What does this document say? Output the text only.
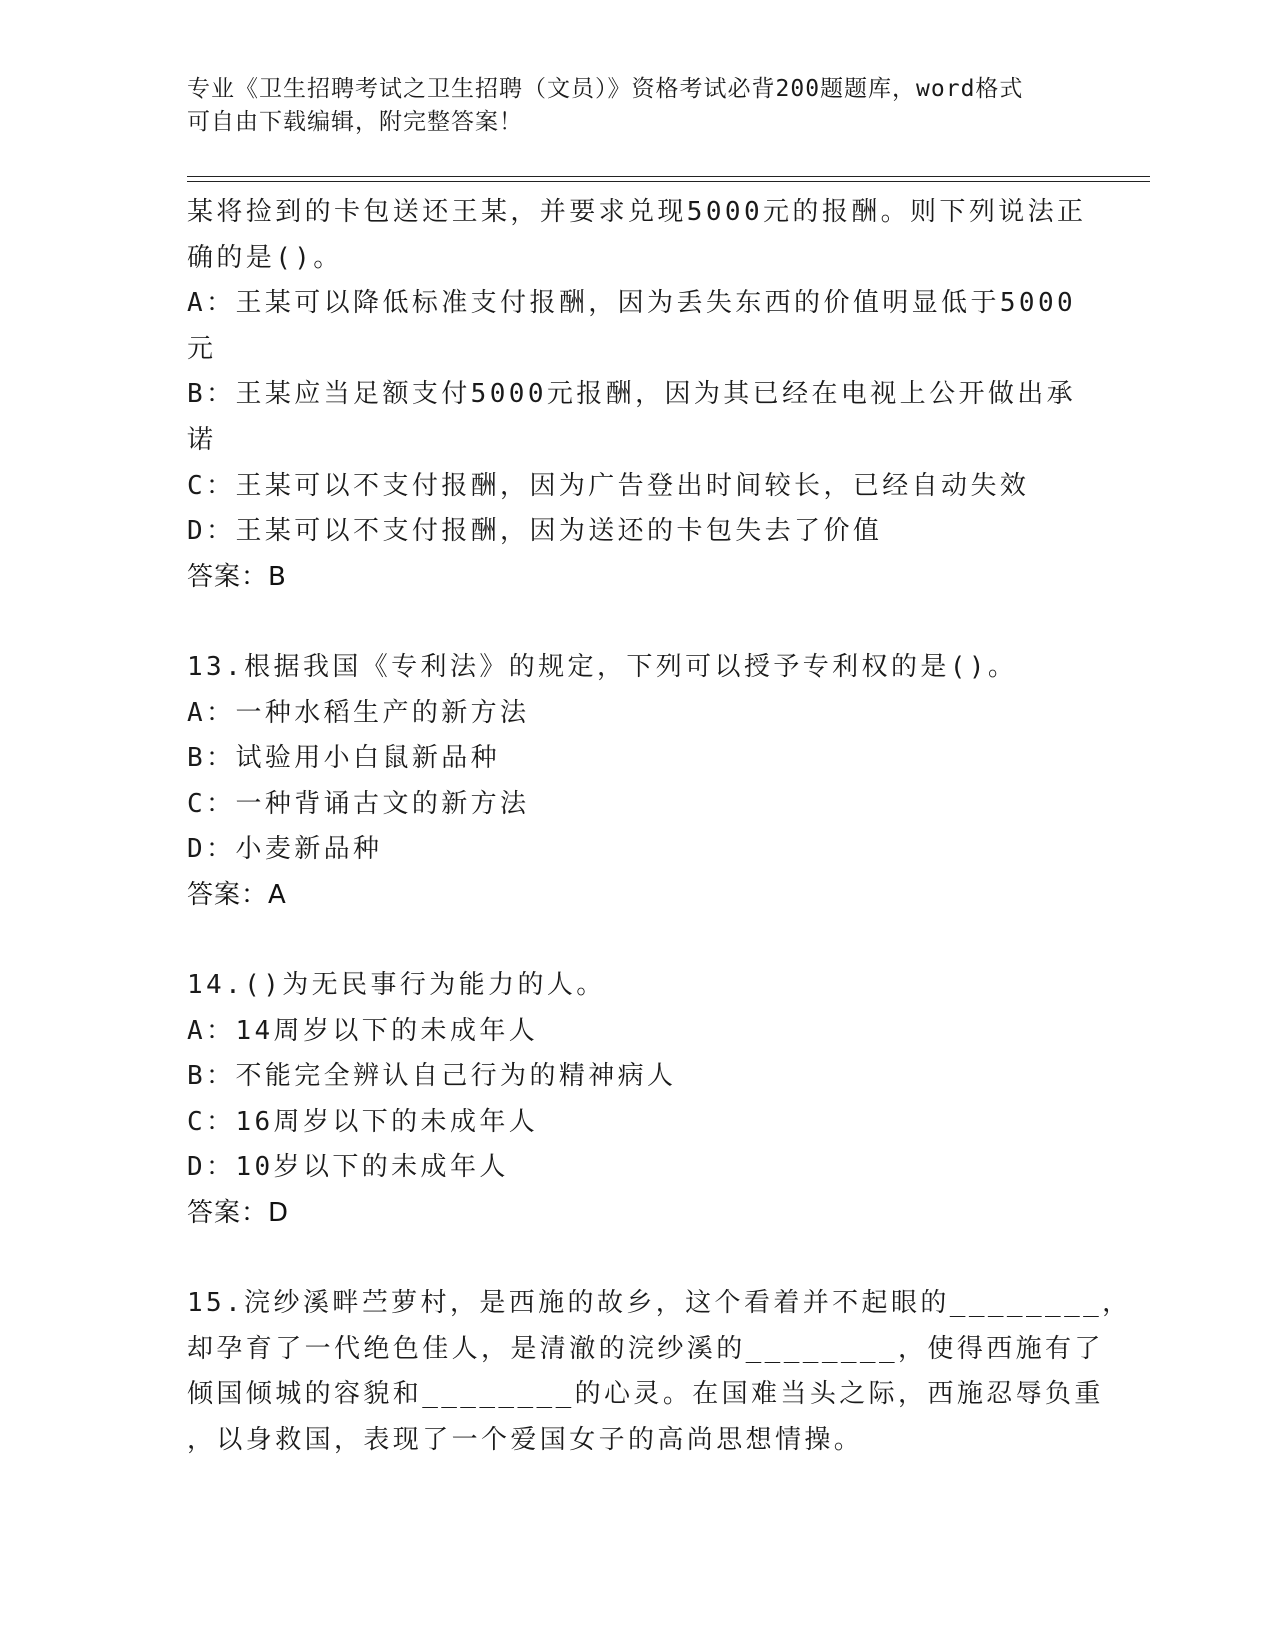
专业《卫生招聘考试之卫生招聘（文员）》资格考试必背200题题库，word格式
可自由下载编辑，附完整答案！
某将捡到的卡包送还王某，并要求兑现5000元的报酬。则下列说法正
确的是()。
A：王某可以降低标准支付报酬，因为丢失东西的价值明显低于5000
元
B：王某应当足额支付5000元报酬，因为其已经在电视上公开做出承
诺
C：王某可以不支付报酬，因为广告登出时间较长，已经自动失效
D：王某可以不支付报酬，因为送还的卡包失去了价值
答案：B
13.根据我国《专利法》的规定，下列可以授予专利权的是()。
A：一种水稻生产的新方法
B：试验用小白鼠新品种
C：一种背诵古文的新方法
D：小麦新品种
答案：A
14.()为无民事行为能力的人。
A：14周岁以下的未成年人
B：不能完全辨认自己行为的精神病人
C：16周岁以下的未成年人
D：10岁以下的未成年人
答案：D
15.浣纱溪畔苎萝村，是西施的故乡，这个看着并不起眼的________，
却孕育了一代绝色佳人，是清澈的浣纱溪的________，使得西施有了
倾国倾城的容貌和________的心灵。在国难当头之际，西施忍辱负重
，以身救国，表现了一个爱国女子的高尚思想情操。
